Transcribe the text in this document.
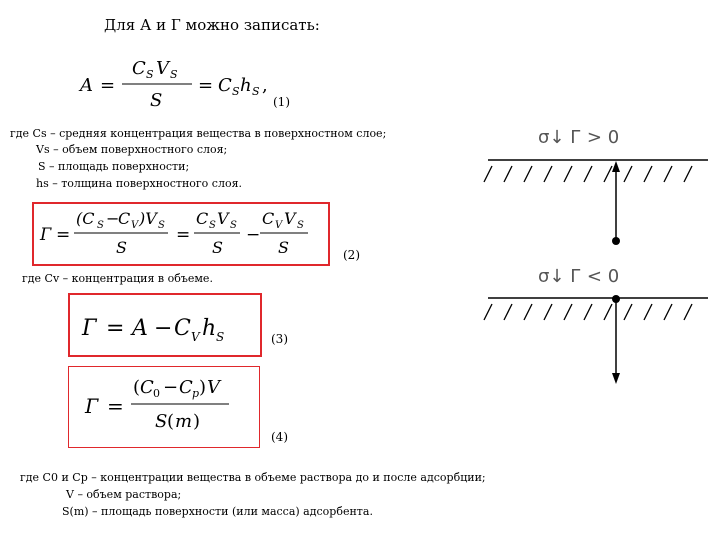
Для А и Г можно записать:
A =
C S V S
S
= C S h S ,
(1)
где Cs – средняя концентрация вещества в поверхностном слое;
Vs – объем поверхностного слоя;
S – площадь поверхности;
hs – толщина поверхностного слоя.
Г =
(C S −
C V )V S
S
=
C S V S
S
−
C V V S
S	(2)
где Cv – концентрация в объеме.
Г = A − C V h S	(3)
Г =
( C 0 − C p ) V
S ( m )
(4)
где C0 и Cp – концентрации вещества в объеме раствора до и после адсорбции;
V – объем раствора;
S(m) – площадь поверхности (или масса) адсорбента.
σ↓ Г > 0
σ↓ Г < 0
